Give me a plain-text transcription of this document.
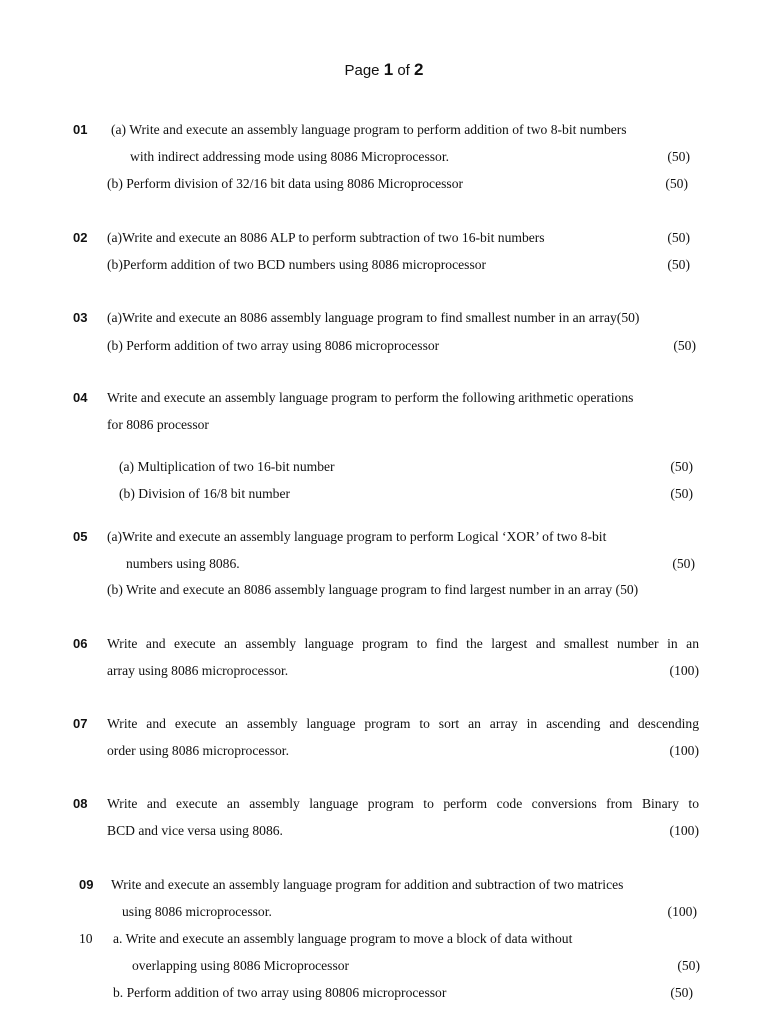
Page 1 of 2
01 (a) Write and execute an assembly language program to perform addition of two 8-bit numbers
with indirect addressing mode using 8086 Microprocessor.	(50)
(b) Perform division of 32/16 bit data using 8086 Microprocessor	(50)
02 (a)Write and execute an 8086 ALP to perform subtraction of two 16-bit numbers	(50)
(b)Perform addition of two BCD numbers using 8086 microprocessor	(50)
03 (a)Write and execute an 8086 assembly language program to find smallest number in an array(50)
(b) Perform addition of two array using 8086 microprocessor	(50)
04 Write and execute an assembly language program to perform the following arithmetic operations
for 8086 processor
(a) Multiplication of two 16-bit number	(50)
(b) Division of 16/8 bit number	(50)
05 (a)Write and execute an assembly language program to perform Logical ‘XOR’ of two 8-bit
numbers using 8086.	(50)
(b) Write and execute an 8086 assembly language program to find largest number in an array (50)
06 Write and execute an assembly language program to find the largest and smallest number in an
array using 8086 microprocessor.	(100)
07 Write and execute an assembly language program to sort an array in ascending and descending
order using 8086 microprocessor.	(100)
08 Write and execute an assembly language program to perform code conversions from Binary to
BCD and vice versa using 8086.	(100)
09 Write and execute an assembly language program for addition and subtraction of two matrices
using 8086 microprocessor.	(100)
10 a. Write and execute an assembly language program to move a block of data without
overlapping using 8086 Microprocessor	(50)
b. Perform addition of two array using 80806 microprocessor	(50)
